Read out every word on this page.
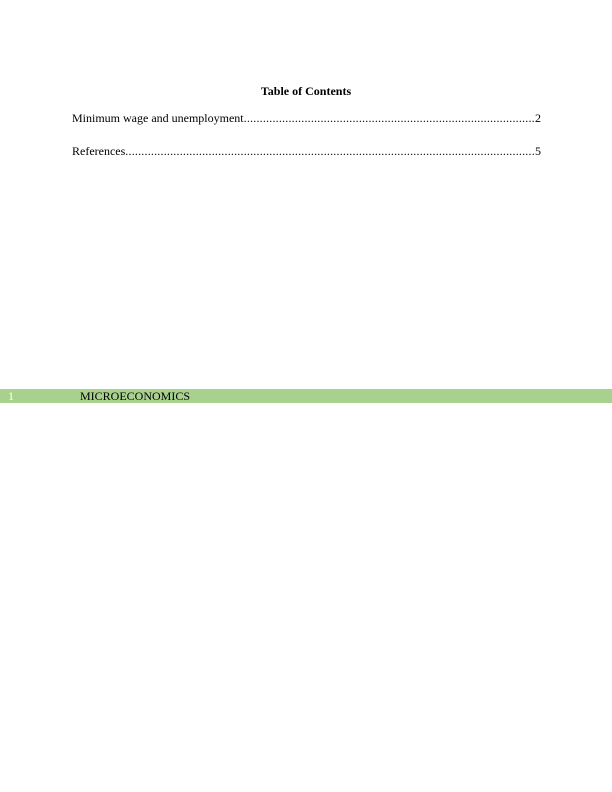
Table of Contents
Minimum wage and unemployment .....	2
References .....	5
1	MICROECONOMICS
